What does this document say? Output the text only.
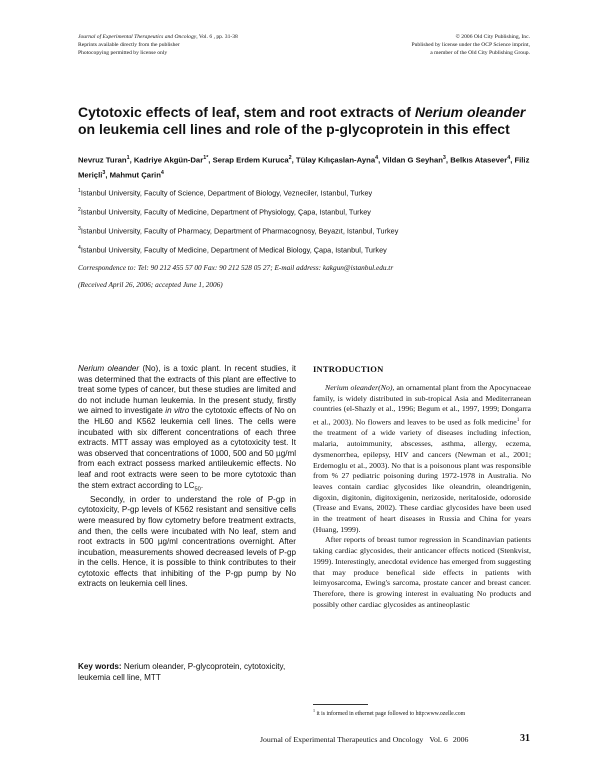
Journal of Experimental Therapeutics and Oncology, Vol. 6 , pp. 31-38
Reprints available directly from the publisher
Photocopying permitted by license only
© 2006 Old City Publishing, Inc.
Published by license under the OCP Science imprint,
a member of the Old City Publishing Group.
Cytotoxic effects of leaf, stem and root extracts of Nerium oleander on leukemia cell lines and role of the p-glycoprotein in this effect
Nevruz Turan$^1$, Kadriye Akgün-Dar$^{1*}$, Serap Erdem Kuruca$^2$, Tülay Kılıçaslan-Ayna$^4$, Vildan G Seyhan$^3$, Belkıs Atasever$^4$, Filiz Meriçli$^3$, Mahmut Çarin$^4$
$^1$Istanbul University, Faculty of Science, Department of Biology, Vezneciler, Istanbul, Turkey
$^2$Istanbul University, Faculty of Medicine, Department of Physiology, Çapa, Istanbul, Turkey
$^3$Istanbul University, Faculty of Pharmacy, Department of Pharmacognosy, Beyazıt, Istanbul, Turkey
$^4$Istanbul University, Faculty of Medicine, Department of Medical Biology, Çapa, Istanbul, Turkey
Correspondence to: Tel: 90 212 455 57 00 Fax: 90 212 528 05 27; E-mail address: kakgun@istanbul.edu.tr
(Received April 26, 2006; accepted June 1, 2006)

Nerium oleander (No), is a toxic plant. In recent studies, it was determined that the extracts of this plant are effective to treat some types of cancer, but these studies are limited and do not include human leukemia. In the present study, firstly we aimed to investigate in vitro the cytotoxic effects of No on the HL60 and K562 leukemia cell lines. The cells were incubated with six different concentrations of each three extracts. MTT assay was employed as a cytotoxicity test. It was observed that concentrations of 1000, 500 and 50 µg/ml from each extract possess marked antileukemic effects. No leaf and root extracts were seen to be more cytotoxic than the stem extract according to $LC_{50}$.

Secondly, in order to understand the role of P-gp in cytotoxicity, P-gp levels of K562 resistant and sensitive cells were measured by flow cytometry before treatment extracts, and then, the cells were incubated with No leaf, stem and root extracts in 500 µg/ml concentrations overnight. After incubation, measurements showed decreased levels of P-gp in the cells. Hence, it is possible to think contributes to their cytotoxic effects that inhibiting of the P-gp pump by No extracts on leukemia cell lines.

Key words: Nerium oleander, P-glycoprotein, cytotoxicity, leukemia cell line, MTT
INTRODUCTION

Nerium oleander(No), an ornamental plant from the Apocynaceae family, is widely distributed in sub-tropical Asia and Mediterranean countries (el-Shazly et al., 1996; Begum et al., 1997, 1999; Dongarra et al., 2003). No flowers and leaves to be used as folk medicine$^1$ for the treatment of a wide variety of diseases including infection, malaria, autoimmunity, abscesses, asthma, allergy, eczema, dysmenorrhea, epilepsy, HIV and cancers (Newman et al., 2001; Erdemoglu et al., 2003). No that is a poisonous plant was responsible from % 27 pediatric poisoning during 1972-1978 in Australia. No leaves contain cardiac glycosides like oleandrin, oleandrigenin, digoxin, digitonin, digitoxigenin, nerizoside, neritaloside, odoroside (Trease and Evans, 2002). These cardiac glycosides have been used in the treatment of heart diseases in Russia and China for years (Huang, 1999).

After reports of breast tumor regression in Scandinavian patients taking cardiac glycosides, their anticancer effects noticed (Stenkvist, 1999). Interestingly, anecdotal evidence has emerged from suggesting that may produce benefical side effects in patients with leimyosarcoma, Ewing's sarcoma, prostate cancer and breast cancer. Therefore, there is growing interest in evaluating No products and possibly other cardiac glycosides as antineoplastic

$^1$ it is informed in ethernet page followed to http:www.ozelle.com
Journal of Experimental Therapeutics and Oncology Vol. 6 2006	31
